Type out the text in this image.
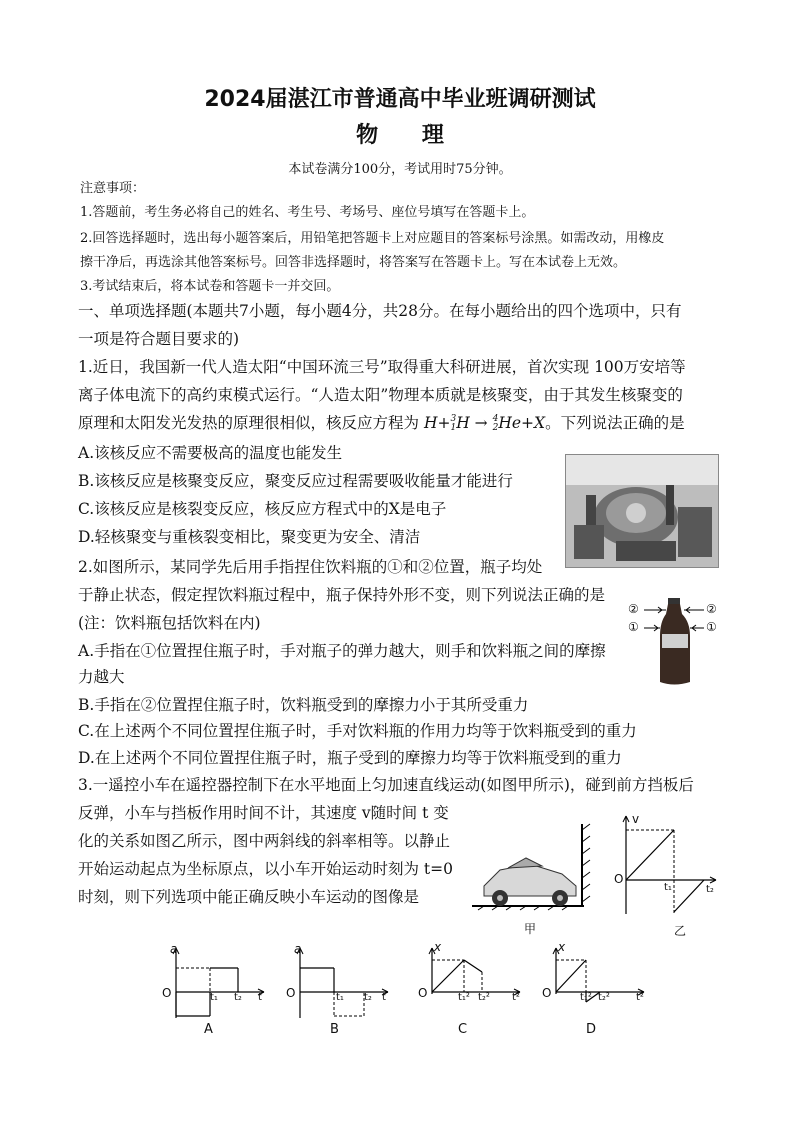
2024届湛江市普通高中毕业班调研测试
物 理
本试卷满分100分，考试用时75分钟。
注意事项：
1.答题前，考生务必将自己的姓名、考生号、考场号、座位号填写在答题卡上。
2.回答选择题时，选出每小题答案后，用铅笔把答题卡上对应题目的答案标号涂黑。如需改动，用橡皮
擦干净后，再选涂其他答案标号。回答非选择题时，将答案写在答题卡上。写在本试卷上无效。
3.考试结束后，将本试卷和答题卡一并交回。
一、单项选择题(本题共7小题，每小题4分，共28分。在每小题给出的四个选项中，只有
一项是符合题目要求的)
1.近日，我国新一代人造太阳“中国环流三号”取得重大科研进展，首次实现 100万安培等
离子体电流下的高约束模式运行。“人造太阳”物理本质就是核聚变，由于其发生核聚变的
原理和太阳发光发热的原理很相似，核反应方程为 H+3
1H → 4
2He+X。下列说法正确的是
A.该核反应不需要极高的温度也能发生
B.该核反应是核聚变反应，聚变反应过程需要吸收能量才能进行
C.该核反应是核裂变反应，核反应方程式中的X是电子
D.轻核聚变与重核裂变相比，聚变更为安全、清洁
2.如图所示，某同学先后用手指捏住饮料瓶的①和②位置，瓶子均处
于静止状态，假定捏饮料瓶过程中，瓶子保持外形不变，则下列说法正确的是
(注：饮料瓶包括饮料在内)
A.手指在①位置捏住瓶子时，手对瓶子的弹力越大，则手和饮料瓶之间的摩擦
力越大
B.手指在②位置捏住瓶子时，饮料瓶受到的摩擦力小于其所受重力
C.在上述两个不同位置捏住瓶子时，手对饮料瓶的作用力均等于饮料瓶受到的重力
D.在上述两个不同位置捏住瓶子时，瓶子受到的摩擦力均等于饮料瓶受到的重力
②	②
①	①
3.一遥控小车在遥控器控制下在水平地面上匀加速直线运动(如图甲所示)，碰到前方挡板后
反弹，小车与挡板作用时间不计，其速度 v随时间 t 变
化的关系如图乙所示，图中两斜线的斜率相等。以静止
开始运动起点为坐标原点，以小车开始运动时刻为 t=0
时刻，则下列选项中能正确反映小车运动的图像是
甲
v
O
t₁	t₂
乙
a
O	t₁ t₂ t
A
a
O	t₁ t₂ t
B
x
O	t₁² t₂² t²
C
x
O	t₁² t₂²	t²
D
